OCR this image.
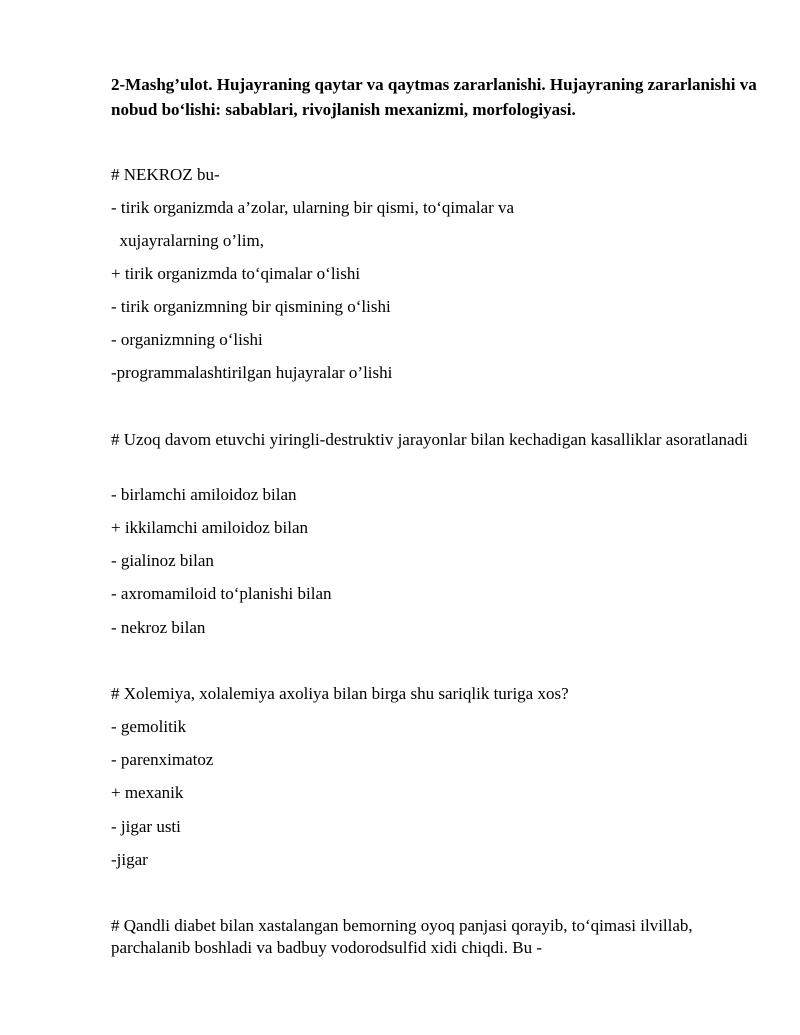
2-Mashg’ulot. Hujayraning qaytar va qaytmas zararlanishi. Hujayraning zararlanishi va nobud bo‘lishi: sabablari, rivojlanish mexanizmi, morfologiyasi.
# NEKROZ bu-
- tirik organizmda a’zolar, ularning bir qismi, to‘qimalar va
xujayralarning o’lim,
+ tirik organizmda to‘qimalar o‘lishi
- tirik organizmning bir qismining o‘lishi
- organizmning o‘lishi
-programmalashtirilgan hujayralar o’lishi
# Uzoq davom etuvchi yiringli-destruktiv jarayonlar bilan kechadigan kasalliklar asoratlanadi
- birlamchi amiloidoz bilan
+ ikkilamchi amiloidoz bilan
- gialinoz bilan
- axromamiloid to‘planishi bilan
- nekroz bilan
# Xolemiya, xolalemiya axoliya bilan birga shu sariqlik turiga xos?
- gemolitik
- parenximatoz
+ mexanik
- jigar usti
-jigar
# Qandli diabet bilan xastalangan bemorning oyoq panjasi qorayib, to‘qimasi ilvillab, parchalanib boshladi va badbuy vodorodsulfid xidi chiqdi. Bu -
